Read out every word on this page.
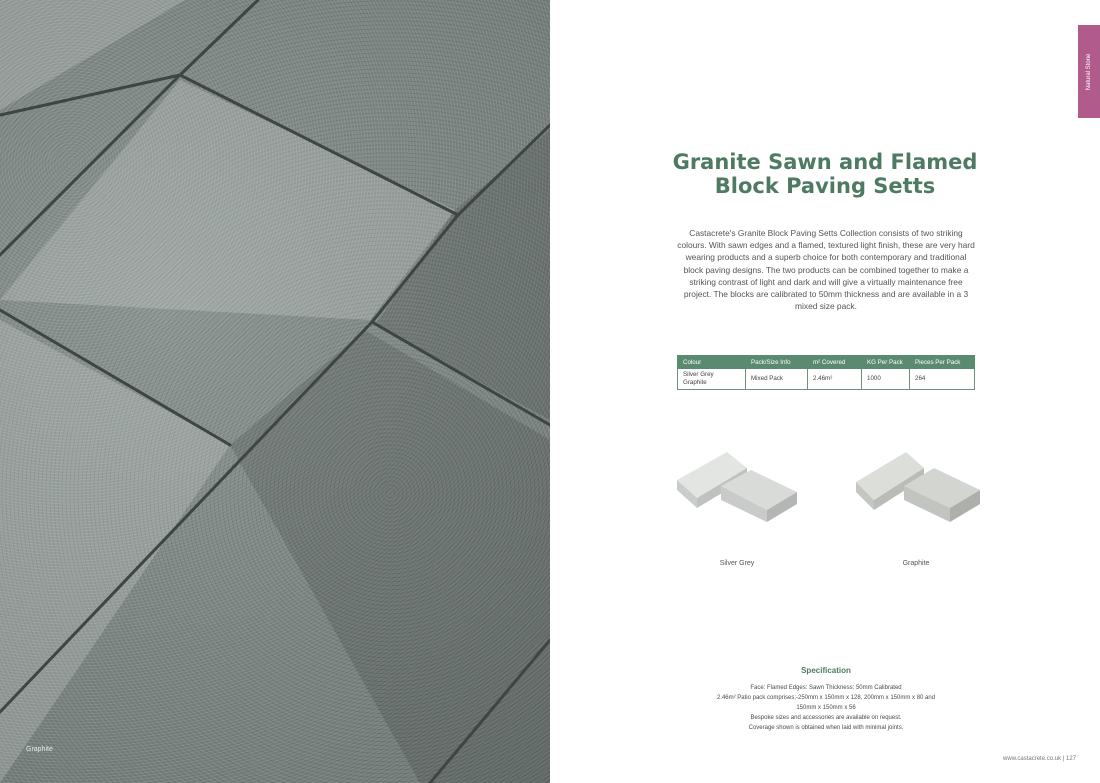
Graphite
Natural Stone
Granite Sawn and Flamed
Block Paving Setts
Castacrete's Granite Block Paving Setts Collection consists of two striking colours. With sawn edges and a flamed, textured light finish, these are very hard wearing products and a superb choice for both contemporary and traditional block paving designs. The two products can be combined together to make a striking contrast of light and dark and will give a virtually maintenance free project. The blocks are calibrated to 50mm thickness and are available in a 3 mixed size pack.
Colour	Pack/Size Info	m² Covered	KG Per Pack	Pieces Per Pack

Silver Grey
Graphite	Mixed Pack	2.46m²	1000	264
Silver Grey	Graphite
Specification
Face: Flamed Edges: Sawn Thickness: 50mm Calibrated
2.46m² Patio pack comprises;-250mm x 150mm x 128, 200mm x 150mm x 80 and
150mm x 150mm x 56
Bespoke sizes and accessories are available on request.
Coverage shown is obtained when laid with minimal joints.
www.castacrete.co.uk | 127
